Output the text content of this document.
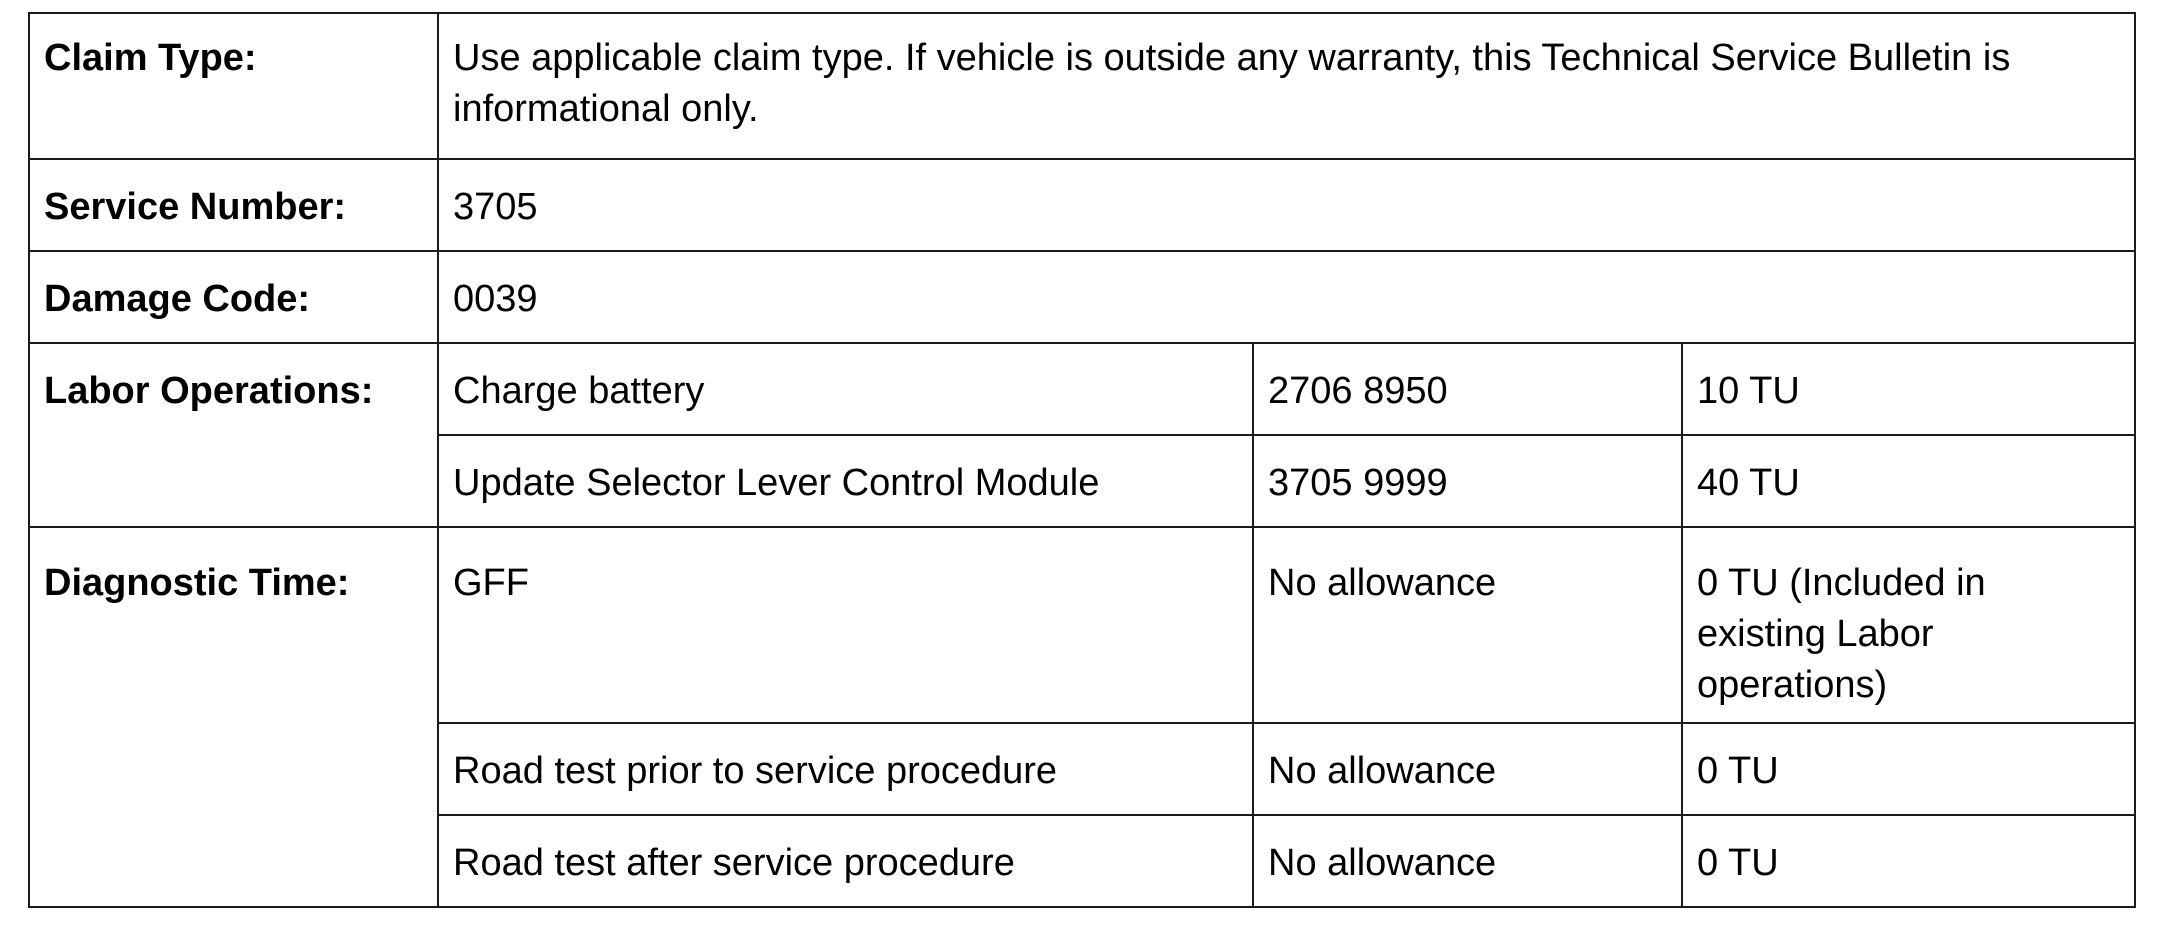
Claim Type:	Use applicable claim type. If vehicle is outside any warranty, this Technical Service Bulletin is informational only.		
Service Number:	3705		
Damage Code:	0039		
Labor Operations:	Charge battery	2706 8950	10 TU
	Update Selector Lever Control Module	3705 9999	40 TU
Diagnostic Time:	GFF	No allowance	0 TU (Included in existing Labor operations)
	Road test prior to service procedure	No allowance	0 TU
	Road test after service procedure	No allowance	0 TU
